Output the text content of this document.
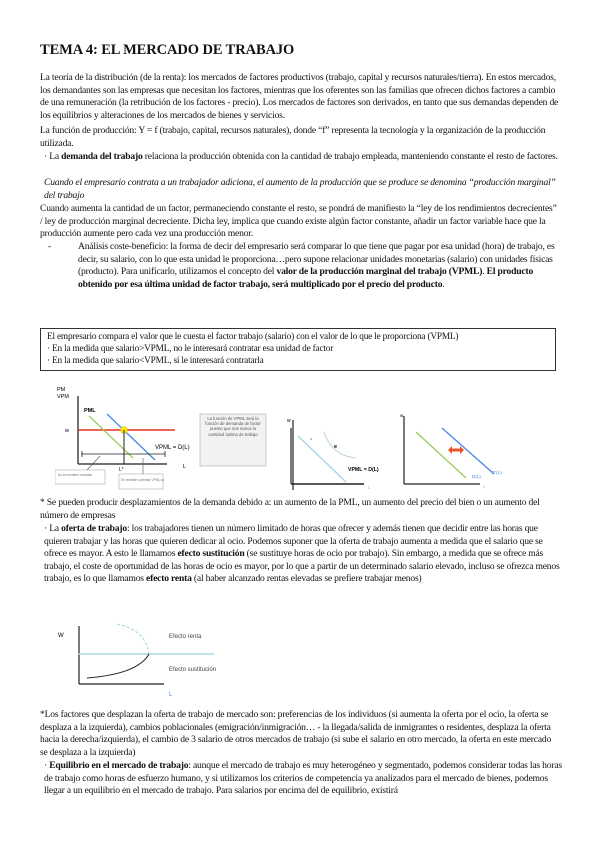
TEMA 4: EL MERCADO DE TRABAJO
La teoría de la distribución (de la renta): los mercados de factores productivos (trabajo, capital y recursos naturales/tierra). En estos mercados, los demandantes son las empresas que necesitan los factores, mientras que los oferentes son las familias que ofrecen dichos factores a cambio de una remuneración (la retribución de los factores - precio). Los mercados de factores son derivados, en tanto que sus demandas dependen de los equilibrios y alteraciones de los mercados de bienes y servicios.
La función de producción: Y = f (trabajo, capital, recursos naturales), donde “f” representa la tecnología y la organización de la producción utilizada.
· La demanda del trabajo relaciona la producción obtenida con la cantidad de trabajo empleada, manteniendo constante el resto de factores.
Cuando el empresario contrata a un trabajador adiciona, el aumento de la producción que se produce se denomina “producción marginal” del trabajo
Cuando aumenta la cantidad de un factor, permaneciendo constante el resto, se pondrá de manifiesto la “ley de los rendimientos decrecientes” / ley de producción marginal decreciente. Dicha ley, implica que cuando existe algún factor constante, añadir un factor variable hace que la producción aumente pero cada vez una producción menor.
-	Análisis coste-beneficio: la forma de decir del empresario será comparar lo que tiene que pagar por esa unidad (hora) de trabajo, es decir, su salario, con lo que esta unidad le proporciona…pero supone relacionar unidades monetarias (salario) con unidades físicas (producto). Para unificarlo, utilizamos el concepto del valor de la producción marginal del trabajo (VPML). El producto obtenido por esa última unidad de factor trabajo, será multiplicado por el precio del producto.
El empresario compara el valor que le cuesta el factor trabajo (salario) con el valor de lo que le proporciona (VPML)
· En la medida que salario>VPML, no le interesará contratar esa unidad de factor
· En la medida que salario<VPML, sí le interesará contratarla
PM
VPM
PML
w
VPML = D(L)
L*	L
No es rentable contratar
Es rentable contratar VPML>w
La función de VPML será la función de demanda de factor puesto que nos marca la cantidad óptima de trabajo
w
e
x
VPML = D(L)
L
w
D(L)
D'(L)
L
* Se pueden producir desplazamientos de la demanda debido a: un aumento de la PML, un aumento del precio del bien o un aumento del número de empresas
· La oferta de trabajo: los trabajadores tienen un número limitado de horas que ofrecer y además tienen que decidir entre las horas que quieren trabajar y las horas que quieren dedicar al ocio. Podemos suponer que la oferta de trabajo aumenta a medida que el salario que se ofrece es mayor. A esto le llamamos efecto sustitución (se sustituye horas de ocio por trabajo). Sin embargo, a medida que se ofrece más trabajo, el coste de oportunidad de las horas de ocio es mayor, por lo que a partir de un determinado salario elevado, incluso se ofrezca menos trabajo, es lo que llamamos efecto renta (al haber alcanzado rentas elevadas se prefiere trabajar menos)
W	Efecto renta
Efecto sustitución
L
*Los factores que desplazan la oferta de trabajo de mercado son: preferencias de los individuos (si aumenta la oferta por el ocio, la oferta se desplaza a la izquierda), cambios poblacionales (emigración/inmigración… - la llegada/salida de inmigrantes o residentes, desplaza la oferta hacia la derecha/izquierda), el cambio de 3 salario de otros mercados de trabajo (si sube el salario en otro mercado, la oferta en este mercado se desplaza a la izquierda)
· Equilibrio en el mercado de trabajo: aunque el mercado de trabajo es muy heterogéneo y segmentado, podemos considerar todas las horas de trabajo como horas de esfuerzo humano, y si utilizamos los criterios de competencia ya analizados para el mercado de bienes, podemos llegar a un equilibrio en el mercado de trabajo. Para salarios por encima del de equilibrio, existirá
